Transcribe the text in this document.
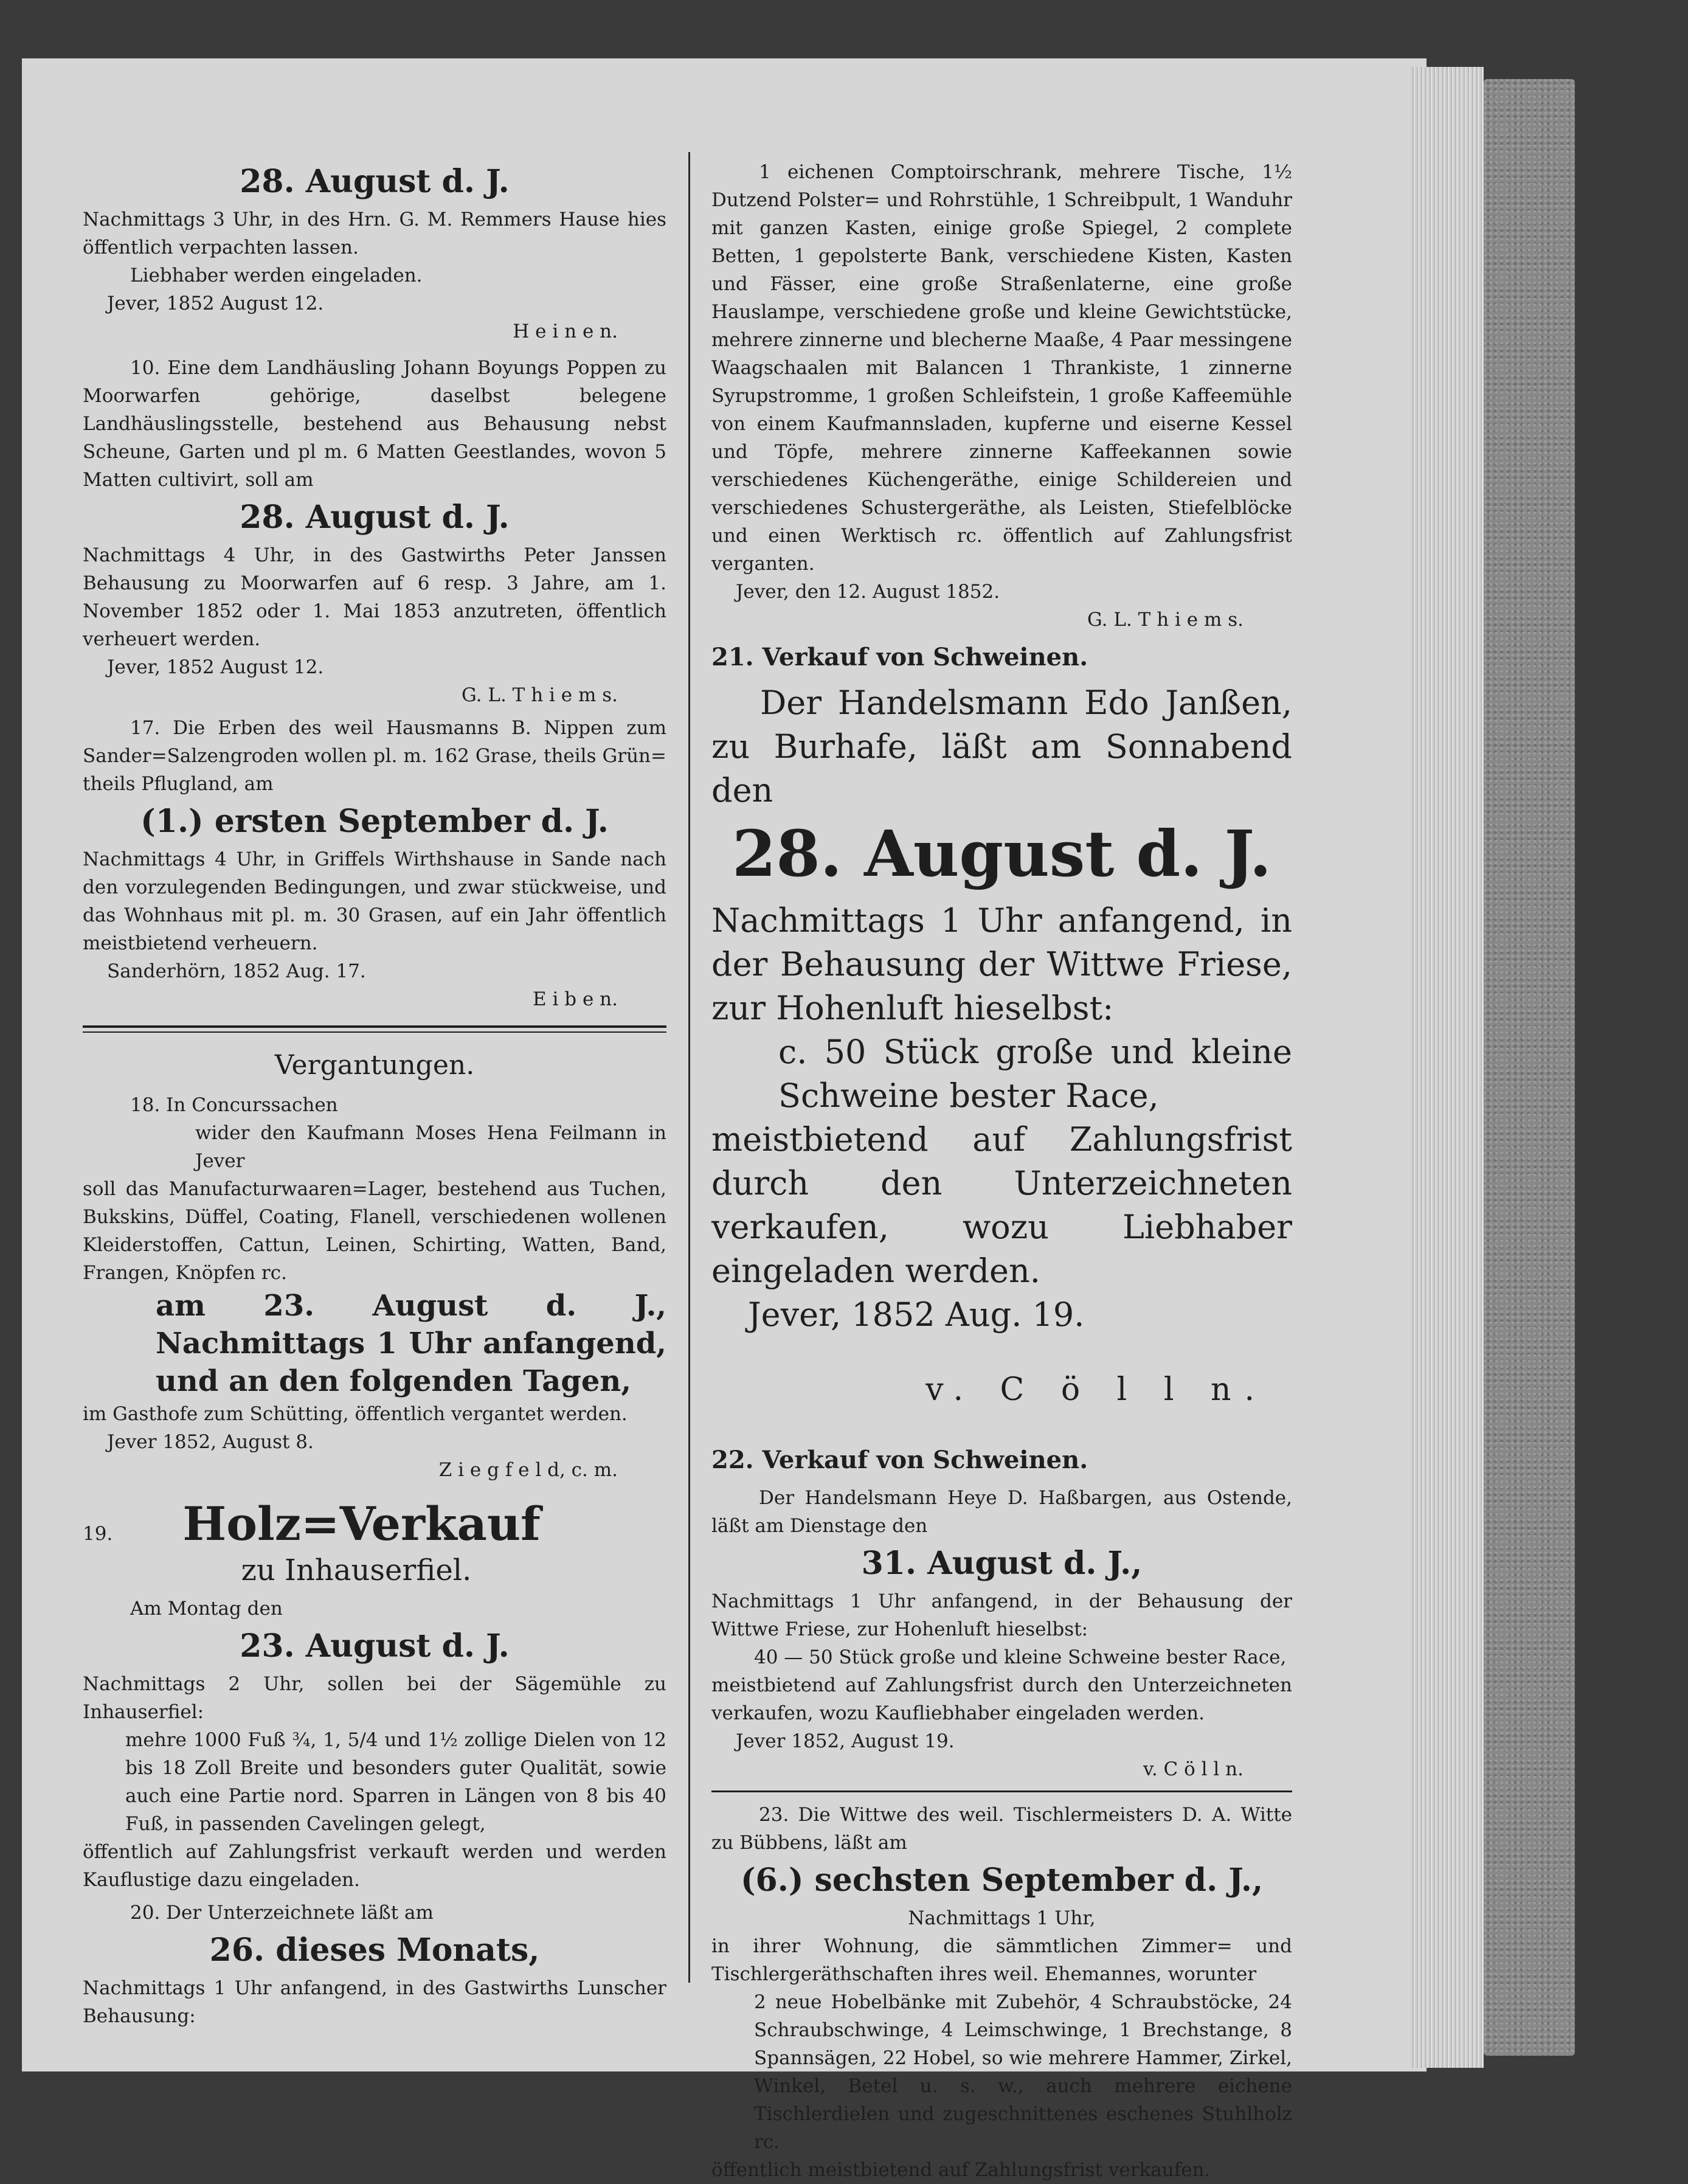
28. August d. J.

Nachmittags 3 Uhr, in des Hrn. G. M. Remmers Hause hies öffentlich verpachten lassen.

Liebhaber werden eingeladen.

Jever, 1852 August 12.

H e i n e n.

10. Eine dem Landhäusling Johann Boyungs Poppen zu Moorwarfen gehörige, daselbst belegene Landhäuslingsstelle, bestehend aus Behausung nebst Scheune, Garten und pl m. 6 Matten Geestlandes, wovon 5 Matten cultivirt, soll am

28. August d. J.

Nachmittags 4 Uhr, in des Gastwirths Peter Janssen Behausung zu Moorwarfen auf 6 resp. 3 Jahre, am 1. November 1852 oder 1. Mai 1853 anzutreten, öffentlich verheuert werden.

Jever, 1852 August 12.

G. L. T h i e m s.

17. Die Erben des weil Hausmanns B. Nippen zum Sander=Salzengroden wollen pl. m. 162 Grase, theils Grün= theils Pflugland, am

(1.) ersten September d. J.

Nachmittags 4 Uhr, in Griffels Wirthshause in Sande nach den vorzulegenden Bedingungen, und zwar stückweise, und das Wohnhaus mit pl. m. 30 Grasen, auf ein Jahr öffentlich meistbietend verheuern.

Sanderhörn, 1852 Aug. 17.

E i b e n.

Vergantungen.

18. In Concurssachen

wider den Kaufmann Moses Hena Feilmann in Jever

soll das Manufacturwaaren=Lager, bestehend aus Tuchen, Bukskins, Düffel, Coating, Flanell, verschiedenen wollenen Kleiderstoffen, Cattun, Leinen, Schirting, Watten, Band, Frangen, Knöpfen rc.

am 23. August d. J., Nachmittags 1 Uhr anfangend, und an den folgenden Tagen,

im Gasthofe zum Schütting, öffentlich vergantet werden.

Jever 1852, August 8.

Z i e g f e l d, c. m.

19. Holz=Verkauf
zu Inhauserfiel.

Am Montag den

23. August d. J.

Nachmittags 2 Uhr, sollen bei der Sägemühle zu Inhauserfiel:

mehre 1000 Fuß ¾, 1, 5/4 und 1½ zollige Dielen von 12 bis 18 Zoll Breite und besonders guter Qualität, sowie auch eine Partie nord. Sparren in Längen von 8 bis 40 Fuß, in passenden Cavelingen gelegt,

öffentlich auf Zahlungsfrist verkauft werden und werden Kauflustige dazu eingeladen.

20. Der Unterzeichnete läßt am

26. dieses Monats,

Nachmittags 1 Uhr anfangend, in des Gastwirths Lunscher Behausung:

1 eichenen Comptoirschrank, mehrere Tische, 1½ Dutzend Polster= und Rohrstühle, 1 Schreibpult, 1 Wanduhr mit ganzen Kasten, einige große Spiegel, 2 complete Betten, 1 gepolsterte Bank, verschiedene Kisten, Kasten und Fässer, eine große Straßenlaterne, eine große Hauslampe, verschiedene große und kleine Gewichtstücke, mehrere zinnerne und blecherne Maaße, 4 Paar messingene Waagschaalen mit Balancen 1 Thrankiste, 1 zinnerne Syrupstromme, 1 großen Schleifstein, 1 große Kaffeemühle von einem Kaufmannsladen, kupferne und eiserne Kessel und Töpfe, mehrere zinnerne Kaffeekannen sowie verschiedenes Küchengeräthe, einige Schildereien und verschiedenes Schustergeräthe, als Leisten, Stiefelblöcke und einen Werktisch rc. öffentlich auf Zahlungsfrist verganten.

Jever, den 12. August 1852.

G. L. T h i e m s.

21. Verkauf von Schweinen.

Der Handelsmann Edo Janßen, zu Burhafe, läßt am Sonnabend den

28. August d. J.

Nachmittags 1 Uhr anfangend, in der Behausung der Wittwe Friese, zur Hohenluft hieselbst:

c. 50 Stück große und kleine Schweine bester Race,

meistbietend auf Zahlungsfrist durch den Unterzeichneten verkaufen, wozu Liebhaber eingeladen werden.

Jever, 1852 Aug. 19.

v. C ö l l n.

22. Verkauf von Schweinen.

Der Handelsmann Heye D. Haßbargen, aus Ostende, läßt am Dienstage den

31. August d. J.,

Nachmittags 1 Uhr anfangend, in der Behausung der Wittwe Friese, zur Hohenluft hieselbst:

40 — 50 Stück große und kleine Schweine bester Race,

meistbietend auf Zahlungsfrist durch den Unterzeichneten verkaufen, wozu Kaufliebhaber eingeladen werden.

Jever 1852, August 19.

v. C ö l l n.

23. Die Wittwe des weil. Tischlermeisters D. A. Witte zu Bübbens, läßt am

(6.) sechsten September d. J.,

Nachmittags 1 Uhr,

in ihrer Wohnung, die sämmtlichen Zimmer= und Tischlergeräthschaften ihres weil. Ehemannes, worunter

2 neue Hobelbänke mit Zubehör, 4 Schraubstöcke, 24 Schraubschwinge, 4 Leimschwinge, 1 Brechstange, 8 Spannsägen, 22 Hobel, so wie mehrere Hammer, Zirkel, Winkel, Betel u. s. w., auch mehrere eichene Tischlerdielen und zugeschnittenes eschenes Stuhlholz rc.

öffentlich meistbietend auf Zahlungsfrist verkaufen.
